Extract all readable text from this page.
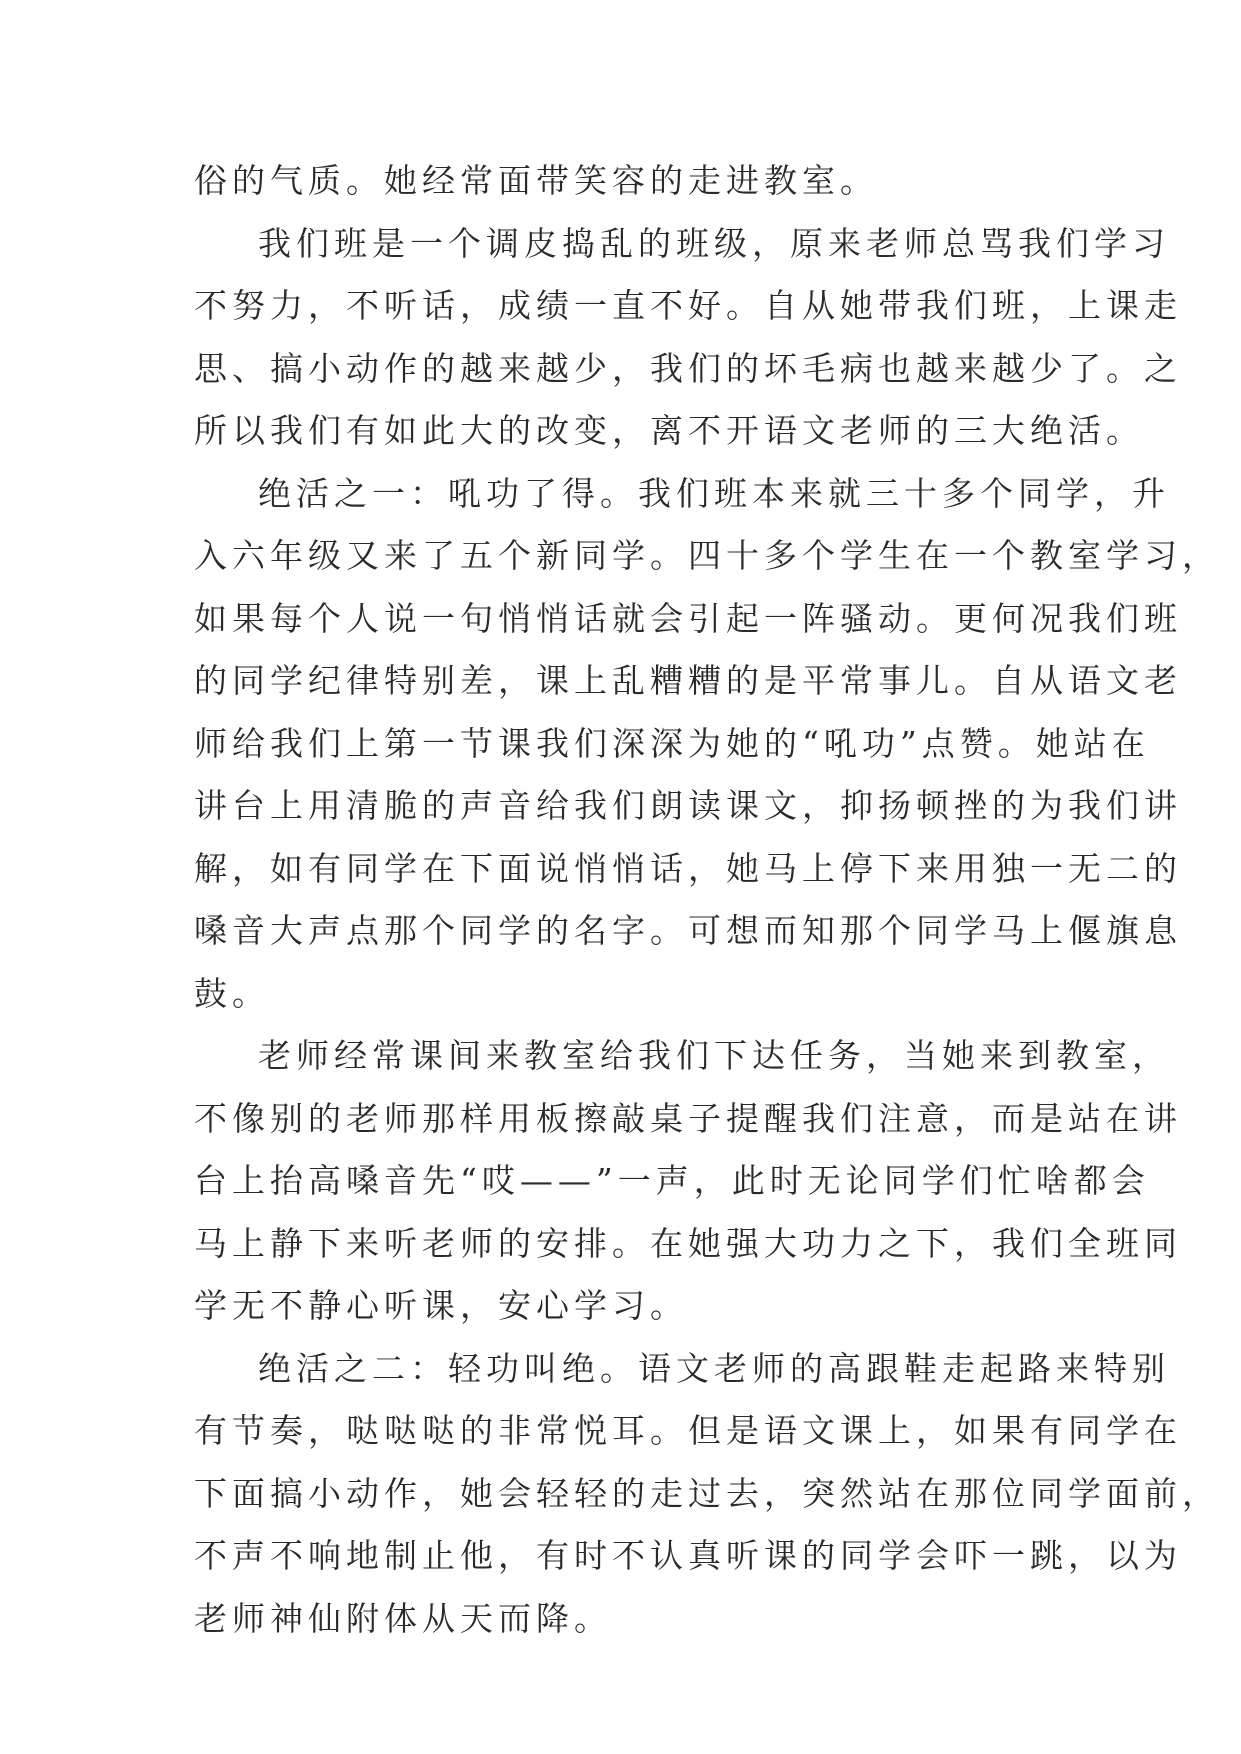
俗的气质。她经常面带笑容的走进教室。
我们班是一个调皮捣乱的班级，原来老师总骂我们学习
不努力，不听话，成绩一直不好。自从她带我们班，上课走
思、搞小动作的越来越少，我们的坏毛病也越来越少了。之
所以我们有如此大的改变，离不开语文老师的三大绝活。
绝活之一：吼功了得。我们班本来就三十多个同学，升
入六年级又来了五个新同学。四十多个学生在一个教室学习，
如果每个人说一句悄悄话就会引起一阵骚动。更何况我们班
的同学纪律特别差，课上乱糟糟的是平常事儿。自从语文老
师给我们上第一节课我们深深为她的“吼功”点赞。她站在
讲台上用清脆的声音给我们朗读课文，抑扬顿挫的为我们讲
解，如有同学在下面说悄悄话，她马上停下来用独一无二的
嗓音大声点那个同学的名字。可想而知那个同学马上偃旗息
鼓。
老师经常课间来教室给我们下达任务，当她来到教室，
不像别的老师那样用板擦敲桌子提醒我们注意，而是站在讲
台上抬高嗓音先“哎——”一声，此时无论同学们忙啥都会
马上静下来听老师的安排。在她强大功力之下，我们全班同
学无不静心听课，安心学习。
绝活之二：轻功叫绝。语文老师的高跟鞋走起路来特别
有节奏，哒哒哒的非常悦耳。但是语文课上，如果有同学在
下面搞小动作，她会轻轻的走过去，突然站在那位同学面前，
不声不响地制止他，有时不认真听课的同学会吓一跳，以为
老师神仙附体从天而降。
